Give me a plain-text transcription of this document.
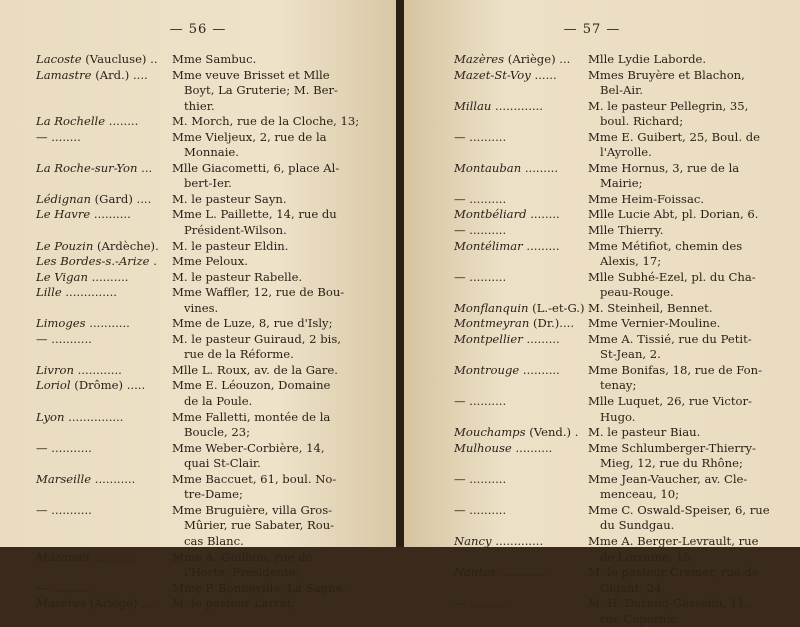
— 56 —
Lacoste (Vaucluse) ..	Mme Sambuc.
Lamastre (Ard.) ....	Mme veuve Brisset et Mlle
Boyt, La Gruterie; M. Ber-
thier.
La Rochelle ........	M. Morch, rue de la Cloche, 13;
— ........	Mme Vieljeux, 2, rue de la
Monnaie.
La Roche-sur-Yon ...	Mlle Giacometti, 6, place Al-
bert-Ier.
Lédignan (Gard) ....	M. le pasteur Sayn.
Le Havre ..........	Mme L. Paillette, 14, rue du
Président-Wilson.
Le Pouzin (Ardèche).	M. le pasteur Eldin.
Les Bordes-s.-Arize .	Mme Peloux.
Le Vigan ..........	M. le pasteur Rabelle.
Lille ..............	Mme Waffler, 12, rue de Bou-
vines.
Limoges ...........	Mme de Luze, 8, rue d'Isly;
— ...........	M. le pasteur Guiraud, 2 bis,
rue de la Réforme.
Livron ............	Mlle L. Roux, av. de la Gare.
Loriol (Drôme) .....	Mme E. Léouzon, Domaine
de la Poule.
Lyon ...............	Mme Falletti, montée de la
Boucle, 23;
— ...........	Mme Weber-Corbière, 14,
quai St-Clair.
Marseille ...........	Mme Baccuet, 61, boul. No-
tre-Dame;
— ...........	Mme Bruguière, villa Gros-
Mûrier, rue Sabater, Rou-
cas Blanc.
Mazamet ...........	Mme A. Guilhou, rue de
l'Horte, Présidente;
— ...........	Mme P. Bonneville, La Sagne.
Mazères (Ariège) ....	M. le pasteur Larrat;
— 57 —
Mazères (Ariège) ...	Mlle Lydie Laborde.
Mazet-St-Voy ......	Mmes Bruyère et Blachon,
Bel-Air.
Millau .............	M. le pasteur Pellegrin, 35,
boul. Richard;
— ..........	Mme E. Guibert, 25, Boul. de
l'Ayrolle.
Montauban .........	Mme Hornus, 3, rue de la
Mairie;
— ..........	Mme Heim-Foissac.
Montbéliard ........	Mlle Lucie Abt, pl. Dorian, 6.
— ..........	Mlle Thierry.
Montélimar .........	Mme Métifiot, chemin des
Alexis, 17;
— ..........	Mlle Subhé-Ezel, pl. du Cha-
peau-Rouge.
Monflanquin (L.-et-G.) M. Steinheil, Bennet.
Montmeyran (Dr.)....	Mme Vernier-Mouline.
Montpellier .........	Mme A. Tissié, rue du Petit-
St-Jean, 2.
Montrouge ..........	Mme Bonifas, 18, rue de Fon-
tenay;
— ..........	Mlle Luquet, 26, rue Victor-
Hugo.
Mouchamps (Vend.) . M. le pasteur Biau.
Mulhouse ..........	Mme Schlumberger-Thierry-
Mieg, 12, rue du Rhône;
— ..........	Mme Jean-Vaucher, av. Cle-
menceau, 10;
— ..........	Mme C. Oswald-Speiser, 6, rue
du Sundgau.
Nancy .............	Mme A. Berger-Levrault, rue
de Lorraine, 15.
Nantes .............	M. le pasteur Cremer, rue de
Gigant, 24;
— ..........	M. H. Durand-Gasselin, 11,
rue Copernic.
